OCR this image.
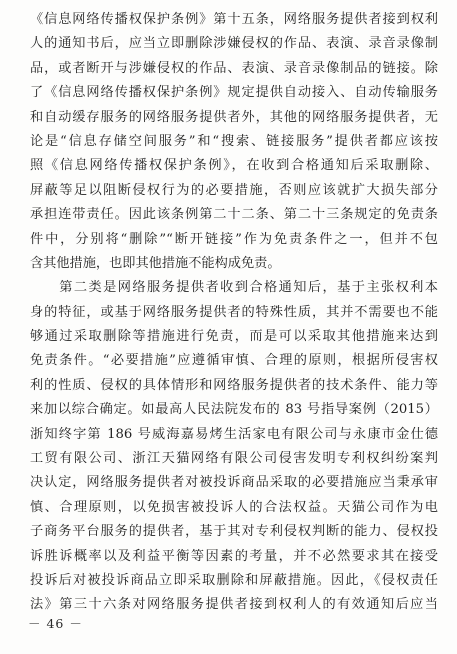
《信息网络传播权保护条例》第十五条，网络服务提供者接到权利
人的通知书后，应当立即删除涉嫌侵权的作品、表演、录音录像制
品，或者断开与涉嫌侵权的作品、表演、录音录像制品的链接。除
了《信息网络传播权保护条例》规定提供自动接入、自动传输服务
和自动缓存服务的网络服务提供者外，其他的网络服务提供者，无
论是“信息存储空间服务”和“搜索、链接服务”提供者都应该按
照《信息网络传播权保护条例》，在收到合格通知后采取删除、
屏蔽等足以阻断侵权行为的必要措施，否则应该就扩大损失部分
承担连带责任。因此该条例第二十二条、第二十三条规定的免责条
件中，分别将“删除”“断开链接”作为免责条件之一，但并不包
含其他措施，也即其他措施不能构成免责。
　　第二类是网络服务提供者收到合格通知后，基于主张权利本
身的特征，或基于网络服务提供者的特殊性质，其并不需要也不能
够通过采取删除等措施进行免责，而是可以采取其他措施来达到
免责条件。“必要措施”应遵循审慎、合理的原则，根据所侵害权
利的性质、侵权的具体情形和网络服务提供者的技术条件、能力等
来加以综合确定。如最高人民法院发布的 83 号指导案例（2015）
浙知终字第 186 号威海嘉易烤生活家电有限公司与永康市金仕德
工贸有限公司、浙江天猫网络有限公司侵害发明专利权纠纷案判
决认定，网络服务提供者对被投诉商品采取的必要措施应当秉承审
慎、合理原则，以免损害被投诉人的合法权益。天猫公司作为电
子商务平台服务的提供者，基于其对专利侵权判断的能力、侵权投
诉胜诉概率以及利益平衡等因素的考量，并不必然要求其在接受
投诉后对被投诉商品立即采取删除和屏蔽措施。因此，《侵权责任
法》第三十六条对网络服务提供者接到权利人的有效通知后应当
－ 46 －
